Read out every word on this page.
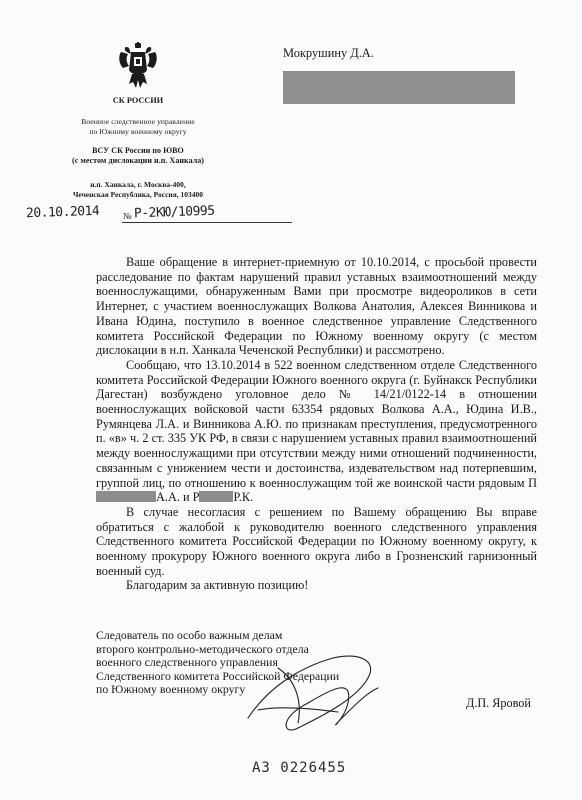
СК РОССИИ
Военное следственное управление
по Южному военному округу
ВСУ СК России по ЮВО
(с местом дислокации н.п. Ханкала)
н.п. Ханкала, г. Москва-400,
Чеченская Республика, Россия, 103400
20.10.2014	№ Р-2КЮ/10995
Мокрушину Д.А.

Ваше обращение в интернет-приемную от 10.10.2014, с просьбой провести расследование по фактам нарушений правил уставных взаимоотношений между военнослужащими, обнаруженным Вами при просмотре видеороликов в сети Интернет, с участием военнослужащих Волкова Анатолия, Алексея Винникова и Ивана Юдина, поступило в военное следственное управление Следственного комитета Российской Федерации по Южному военному округу (с местом дислокации в н.п. Ханкала Чеченской Республики) и рассмотрено.

Сообщаю, что 13.10.2014 в 522 военном следственном отделе Следственного комитета Российской Федерации Южного военного округа (г. Буйнакск Республики Дагестан) возбуждено уголовное дело № 14/21/0122-14 в отношении военнослужащих войсковой части 63354 рядовых Волкова А.А., Юдина И.В., Румянцева Л.А. и Винникова А.Ю. по признакам преступления, предусмотренного п. «в» ч. 2 ст. 335 УК РФ, в связи с нарушением уставных правил взаимоотношений между военнослужащими при отсутствии между ними отношений подчиненности, связанным с унижением чести и достоинства, издевательством над потерпевшим, группой лиц, по отношению к военнослужащим той же воинской части рядовым ПА.А. и Р	Р.К.

В случае несогласия с решением по Вашему обращению Вы вправе обратиться с жалобой к руководителю военного следственного управления Следственного комитета Российской Федерации по Южному военному округу, к военному прокурору Южного военного округа либо в Грозненский гарнизонный военный суд.

Благодарим за активную позицию!

Следователь по особо важным делам
второго контрольно-методического отдела
военного следственного управления
Следственного комитета Российской Федерации
по Южному военному округу
Д.П. Яровой
АЗ 0226455
